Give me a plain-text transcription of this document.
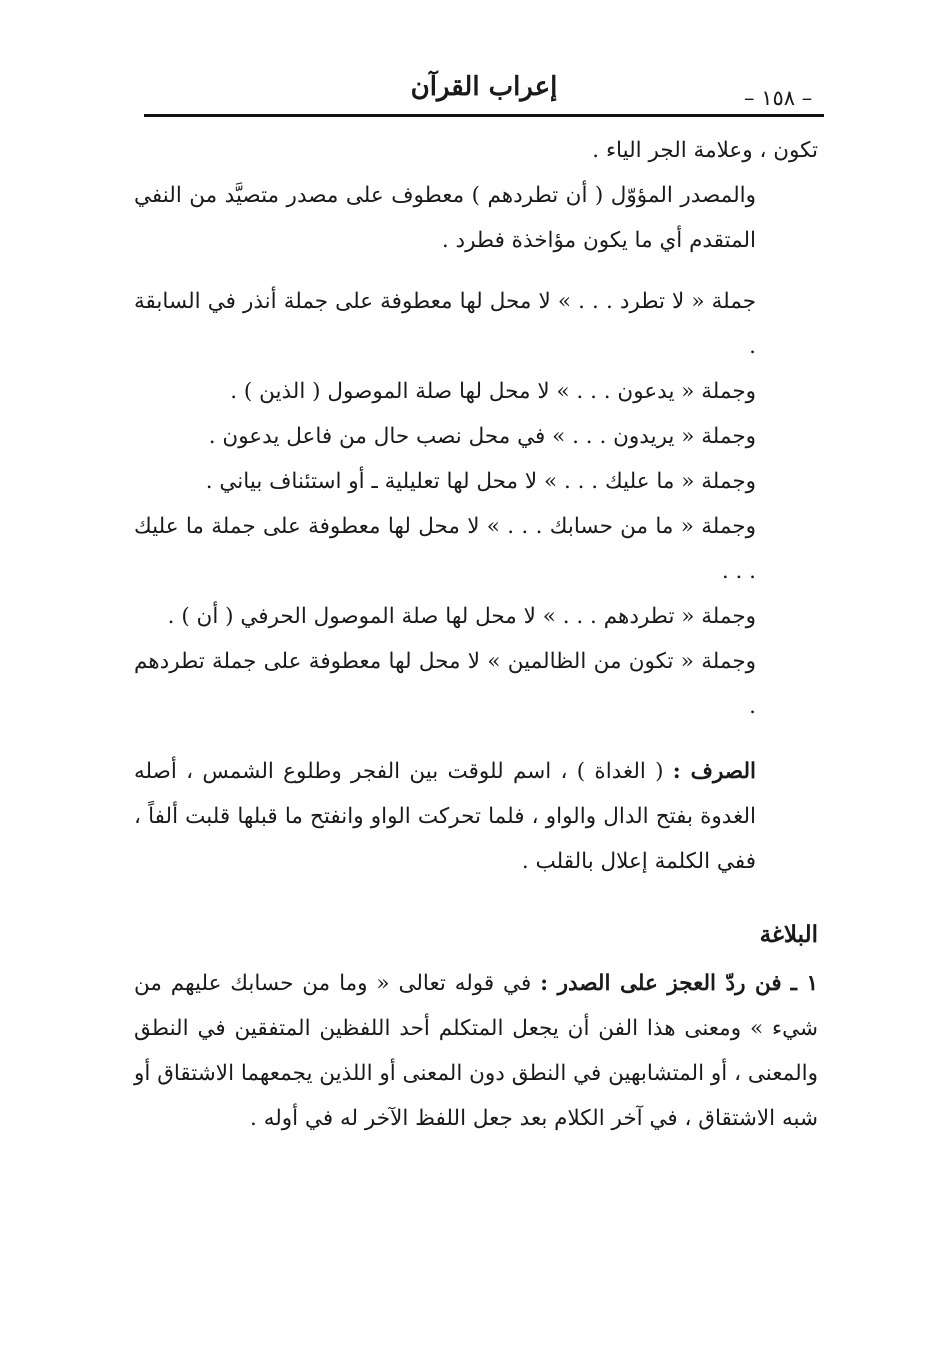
إعراب القرآن	– ١٥٨ –

تكون ، وعلامة الجر الياء .

والمصدر المؤوّل ( أن تطردهم ) معطوف على مصدر متصيَّد من النفي المتقدم أي ما يكون مؤاخذة فطرد .

جملة « لا تطرد . . . » لا محل لها معطوفة على جملة أنذر في السابقة .

وجملة « يدعون . . . » لا محل لها صلة الموصول ( الذين ) .

وجملة « يريدون . . . » في محل نصب حال من فاعل يدعون .

وجملة « ما عليك . . . » لا محل لها تعليلية ـ أو استئناف بياني .

وجملة « ما من حسابك . . . » لا محل لها معطوفة على جملة ما عليك . . .

وجملة « تطردهم . . . » لا محل لها صلة الموصول الحرفي ( أن ) .

وجملة « تكون من الظالمين » لا محل لها معطوفة على جملة تطردهم .

الصرف : ( الغداة ) ، اسم للوقت بين الفجر وطلوع الشمس ، أصله الغدوة بفتح الدال والواو ، فلما تحركت الواو وانفتح ما قبلها قلبت ألفاً ، ففي الكلمة إعلال بالقلب .

البلاغة

١ ـ فن ردّ العجز على الصدر : في قوله تعالى « وما من حسابك عليهم من شيء » ومعنى هذا الفن أن يجعل المتكلم أحد اللفظين المتفقين في النطق والمعنى ، أو المتشابهين في النطق دون المعنى أو اللذين يجمعهما الاشتقاق أو شبه الاشتقاق ، في آخر الكلام بعد جعل اللفظ الآخر له في أوله .
